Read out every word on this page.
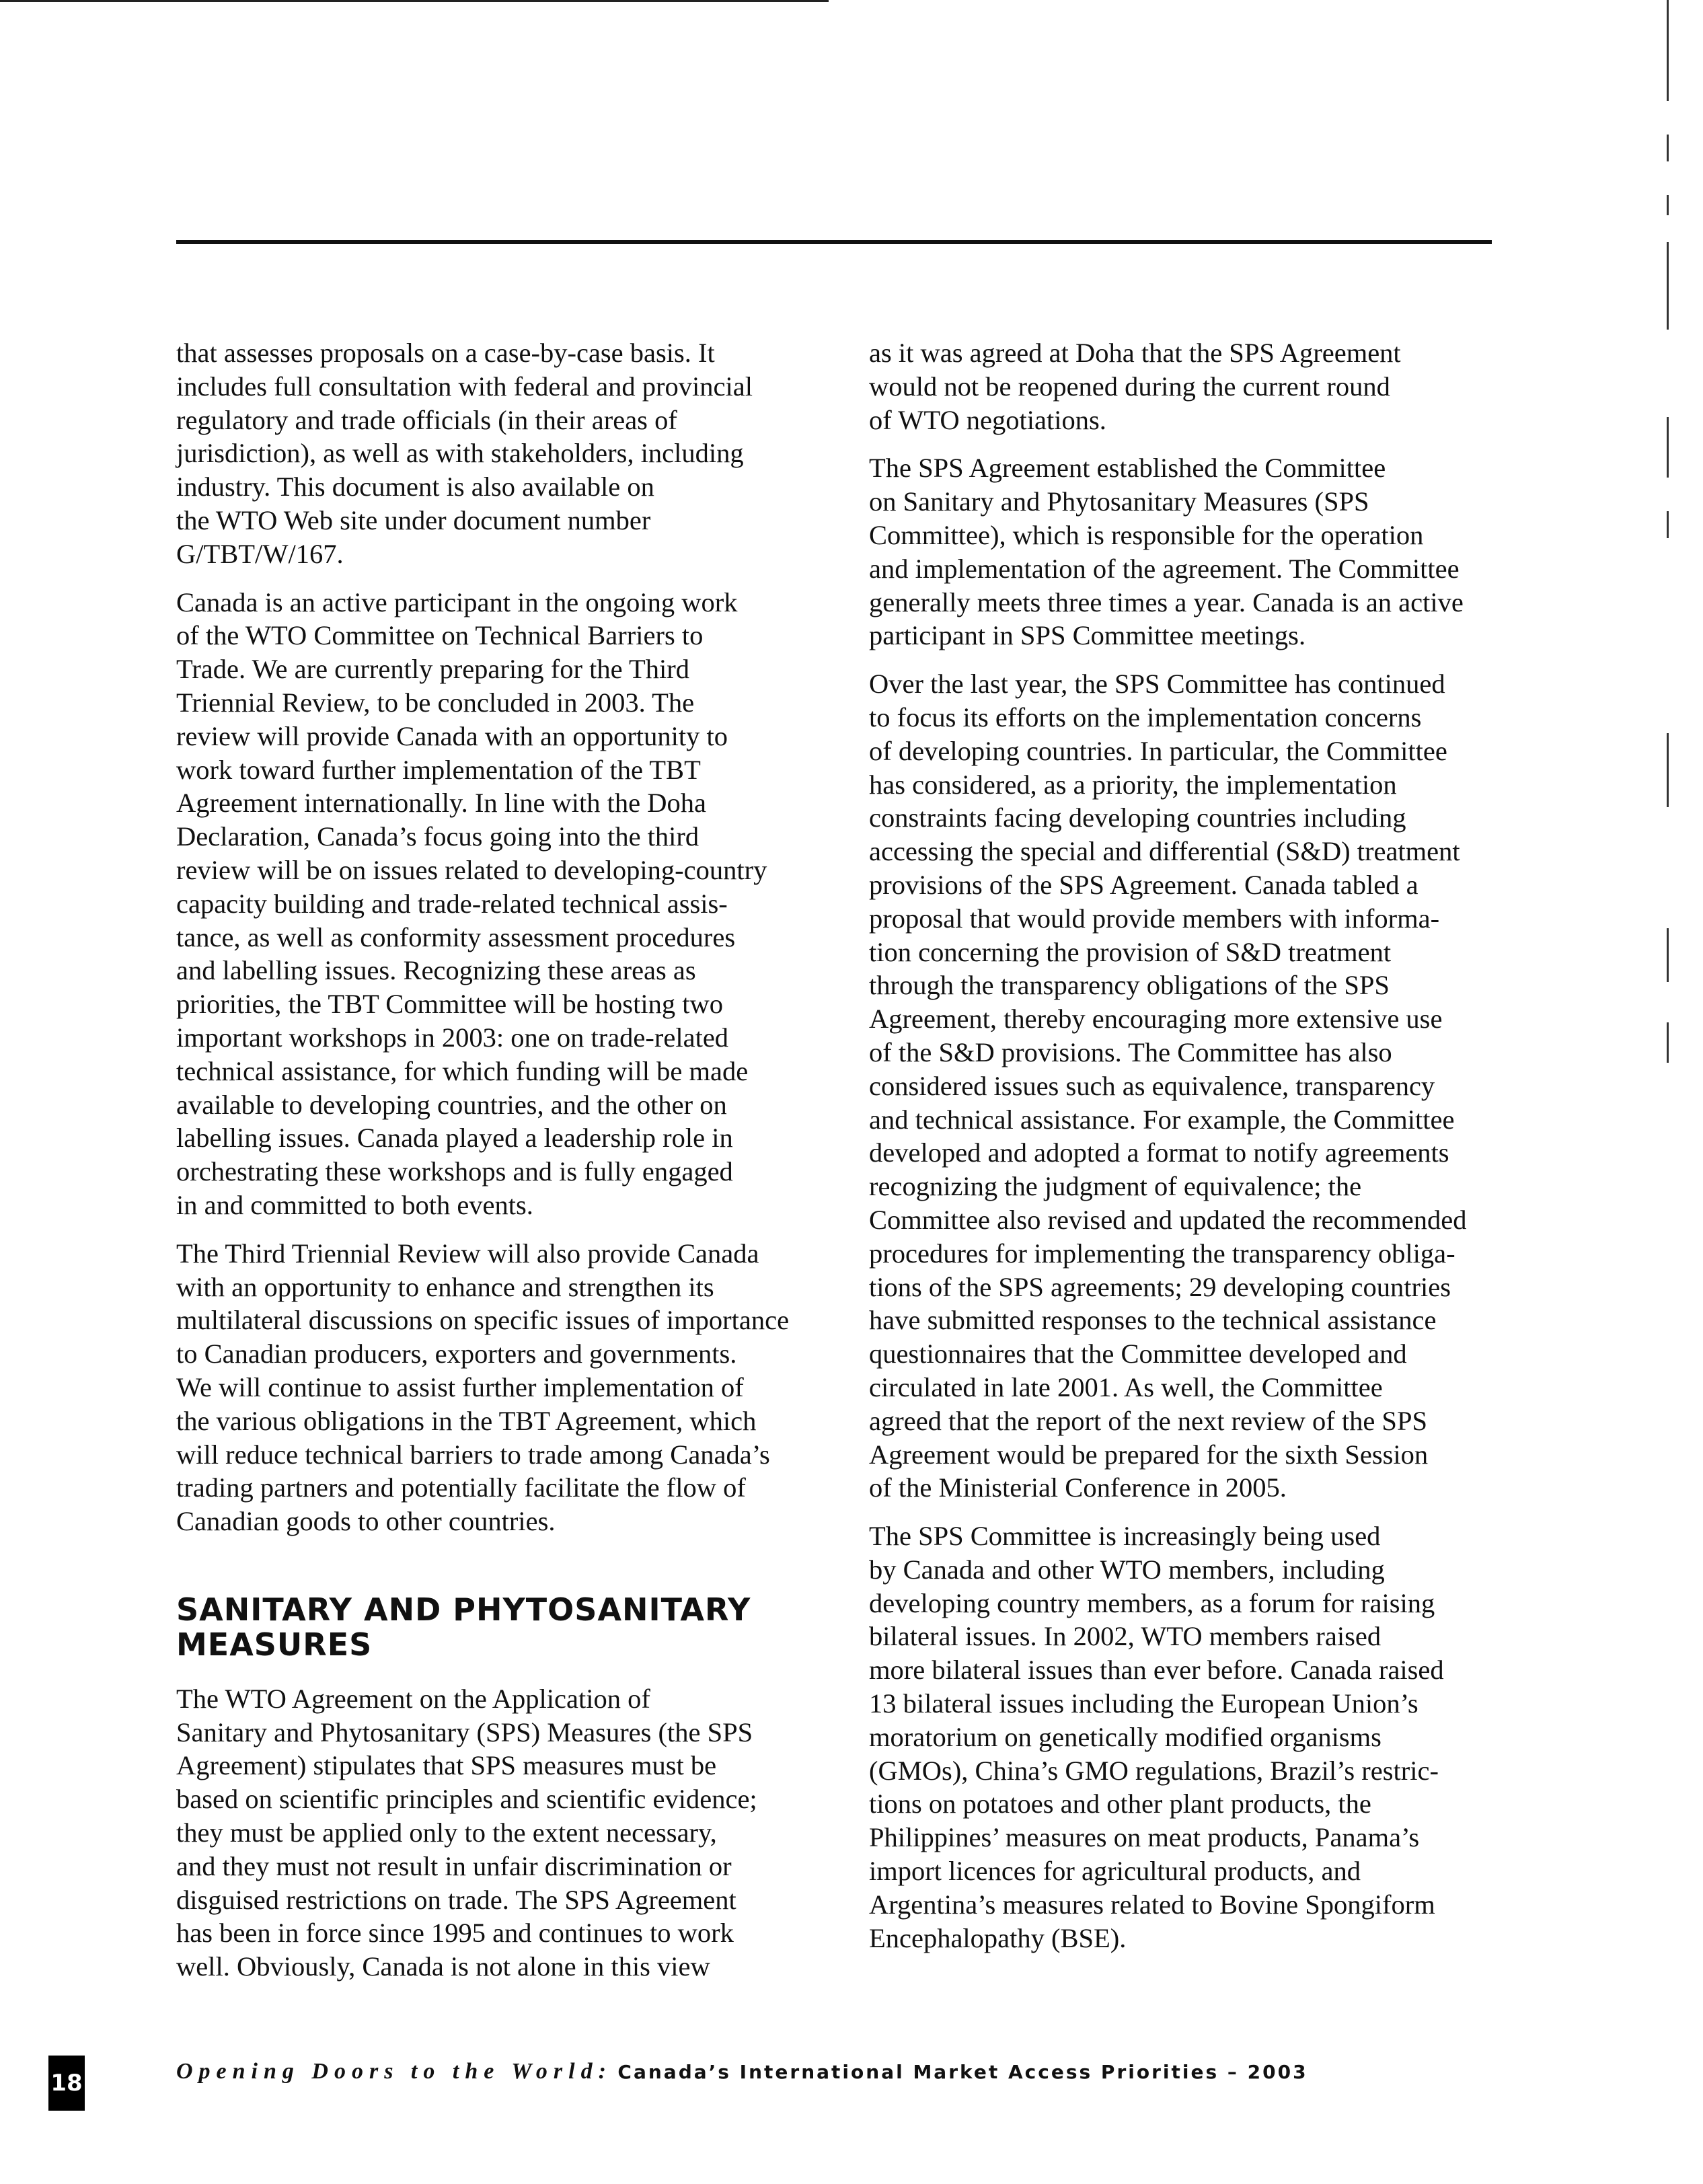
that assesses proposals on a case-by-case basis. It
includes full consultation with federal and provincial
regulatory and trade officials (in their areas of
jurisdiction), as well as with stakeholders, including
industry. This document is also available on
the WTO Web site under document number
G/TBT/W/167.

Canada is an active participant in the ongoing work
of the WTO Committee on Technical Barriers to
Trade. We are currently preparing for the Third
Triennial Review, to be concluded in 2003. The
review will provide Canada with an opportunity to
work toward further implementation of the TBT
Agreement internationally. In line with the Doha
Declaration, Canada’s focus going into the third
review will be on issues related to developing-country
capacity building and trade-related technical assis-
tance, as well as conformity assessment procedures
and labelling issues. Recognizing these areas as
priorities, the TBT Committee will be hosting two
important workshops in 2003: one on trade-related
technical assistance, for which funding will be made
available to developing countries, and the other on
labelling issues. Canada played a leadership role in
orchestrating these workshops and is fully engaged
in and committed to both events.

The Third Triennial Review will also provide Canada
with an opportunity to enhance and strengthen its
multilateral discussions on specific issues of importance
to Canadian producers, exporters and governments.
We will continue to assist further implementation of
the various obligations in the TBT Agreement, which
will reduce technical barriers to trade among Canada’s
trading partners and potentially facilitate the flow of
Canadian goods to other countries.

SANITARY AND PHYTOSANITARY
MEASURES

The WTO Agreement on the Application of
Sanitary and Phytosanitary (SPS) Measures (the SPS
Agreement) stipulates that SPS measures must be
based on scientific principles and scientific evidence;
they must be applied only to the extent necessary,
and they must not result in unfair discrimination or
disguised restrictions on trade. The SPS Agreement
has been in force since 1995 and continues to work
well. Obviously, Canada is not alone in this view

as it was agreed at Doha that the SPS Agreement
would not be reopened during the current round
of WTO negotiations.

The SPS Agreement established the Committee
on Sanitary and Phytosanitary Measures (SPS
Committee), which is responsible for the operation
and implementation of the agreement. The Committee
generally meets three times a year. Canada is an active
participant in SPS Committee meetings.

Over the last year, the SPS Committee has continued
to focus its efforts on the implementation concerns
of developing countries. In particular, the Committee
has considered, as a priority, the implementation
constraints facing developing countries including
accessing the special and differential (S&D) treatment
provisions of the SPS Agreement. Canada tabled a
proposal that would provide members with informa-
tion concerning the provision of S&D treatment
through the transparency obligations of the SPS
Agreement, thereby encouraging more extensive use
of the S&D provisions. The Committee has also
considered issues such as equivalence, transparency
and technical assistance. For example, the Committee
developed and adopted a format to notify agreements
recognizing the judgment of equivalence; the
Committee also revised and updated the recommended
procedures for implementing the transparency obliga-
tions of the SPS agreements; 29 developing countries
have submitted responses to the technical assistance
questionnaires that the Committee developed and
circulated in late 2001. As well, the Committee
agreed that the report of the next review of the SPS
Agreement would be prepared for the sixth Session
of the Ministerial Conference in 2005.

The SPS Committee is increasingly being used
by Canada and other WTO members, including
developing country members, as a forum for raising
bilateral issues. In 2002, WTO members raised
more bilateral issues than ever before. Canada raised
13 bilateral issues including the European Union’s
moratorium on genetically modified organisms
(GMOs), China’s GMO regulations, Brazil’s restric-
tions on potatoes and other plant products, the
Philippines’ measures on meat products, Panama’s
import licences for agricultural products, and
Argentina’s measures related to Bovine Spongiform
Encephalopathy (BSE).

18	Opening Doors to the World: Canada’s International Market Access Priorities – 2003
